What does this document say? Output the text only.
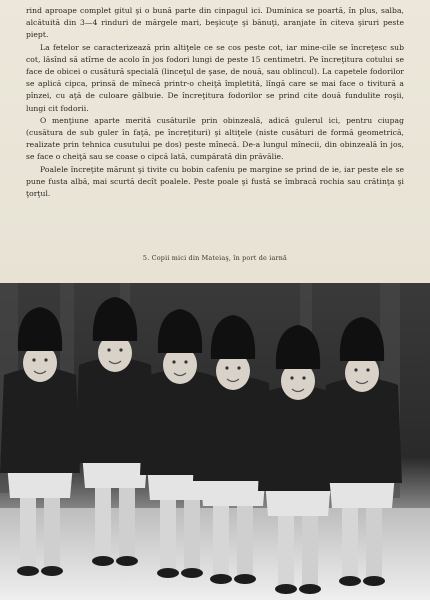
rind aproape complet gitul şi o bună parte din cinpagul ici. Duminica se poartă, în plus, salba, alcătuită din 3—4 rinduri de mărgele mari, beşicuţe şi bănuţi, aranjate în citeva şiruri peste piept.

La fetelor se caracterizează prin altiţele ce se cos peste cot, iar mine-cile se încreţesc sub cot, lăsînd să atîrne de acolo în jos fodori lungi de peste 15 centimetri. Pe încreţitura cotului se face de obicei o cusătură specială (linceţul de şase, de nouă, sau oblincul). La capetele fodorilor se aplică cipca, prinsă de mînecă printr-o cheiţă împletită, lîngă care se mai face o tivitură a pînzei, cu aţă de culoare gălbuie. De încreţitura fodorilor se prind cite două fundulite roşii, lungi cit fodorii.

O menţiune aparte merită cusăturile prin obinzeală, adică gulerul ici, pentru ciupag (cusătura de sub guler în faţă, pe încreţituri) şi altiţele (niste cusături de formă geometrică, realizate prin tehnica cusutului pe dos) peste mînecă. De-a lungul mînecii, din obinzeală în jos, se face o cheiţă sau se coase o cipcă lată, cumpărată din prăvălie.

Poalele încreţite mărunt şi tivite cu bobin cafeniu pe margine se prind de ie, iar peste ele se pune fusta albă, mai scurtă decît poalele. Peste poale şi fustă se îmbracă rochia sau crătinţa şi ţorţul.

5. Copii mici din Mateiaş, în port de iarnă
